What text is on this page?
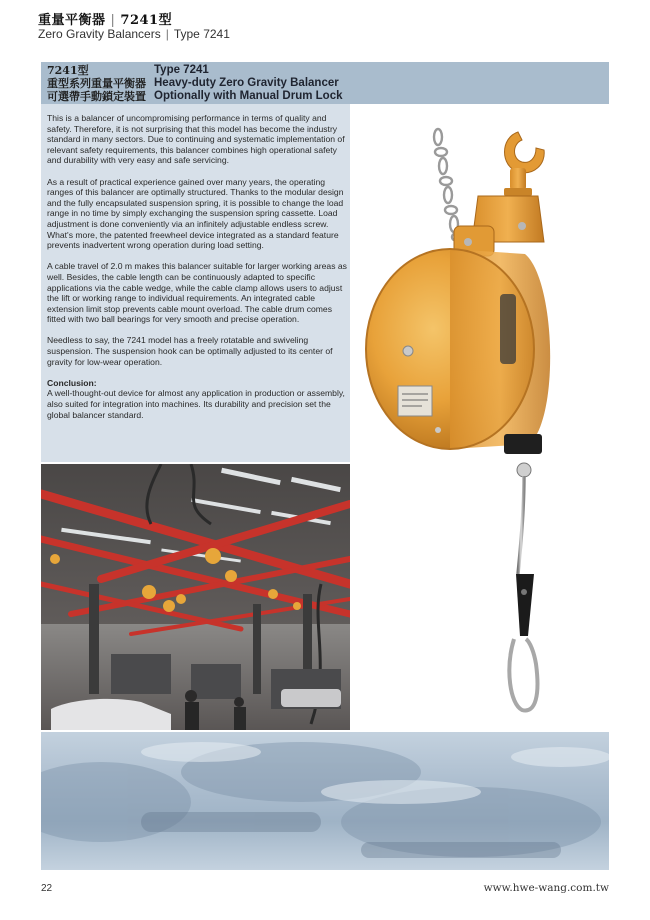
重量平衡器 | 7241型
Zero Gravity Balancers | Type 7241
7241型
重型系列重量平衡器
可選帶手動鎖定裝置
Type 7241
Heavy-duty Zero Gravity Balancer
Optionally with Manual Drum Lock

This is a balancer of uncompromising performance in terms of quality and safety. Therefore, it is not surprising that this model has become the industry standard in many sectors. Due to continuing and systematic implementation of relevant safety requirements, this balancer combines high operational safety and durability with very easy and safe servicing.

As a result of practical experience gained over many years, the operating ranges of this balancer are optimally structured. Thanks to the modular design and the fully encapsulated suspension spring, it is possible to change the load range in no time by simply exchanging the suspension spring cassette. Load adjustment is done conveniently via an infinitely adjustable endless screw. What's more, the patented freewheel device integrated as a standard feature prevents inadvertent wrong operation during load setting.

A cable travel of 2.0 m makes this balancer suitable for larger working areas as well. Besides, the cable length can be continuously adapted to specific applications via the cable wedge, while the cable clamp allows users to adjust the lift or working range to individual requirements. An integrated cable extension limit stop prevents cable mount overload. The cable drum comes fitted with two ball bearings for very smooth and precise operation.

Needless to say, the 7241 model has a freely rotatable and swiveling suspension. The suspension hook can be optimally adjusted to its center of gravity for low-wear operation.

Conclusion:

A well-thought-out device for almost any application in production or assembly, also suited for integration into machines. Its durability and precision set the global balancer standard.

22	www.hwe-wang.com.tw
